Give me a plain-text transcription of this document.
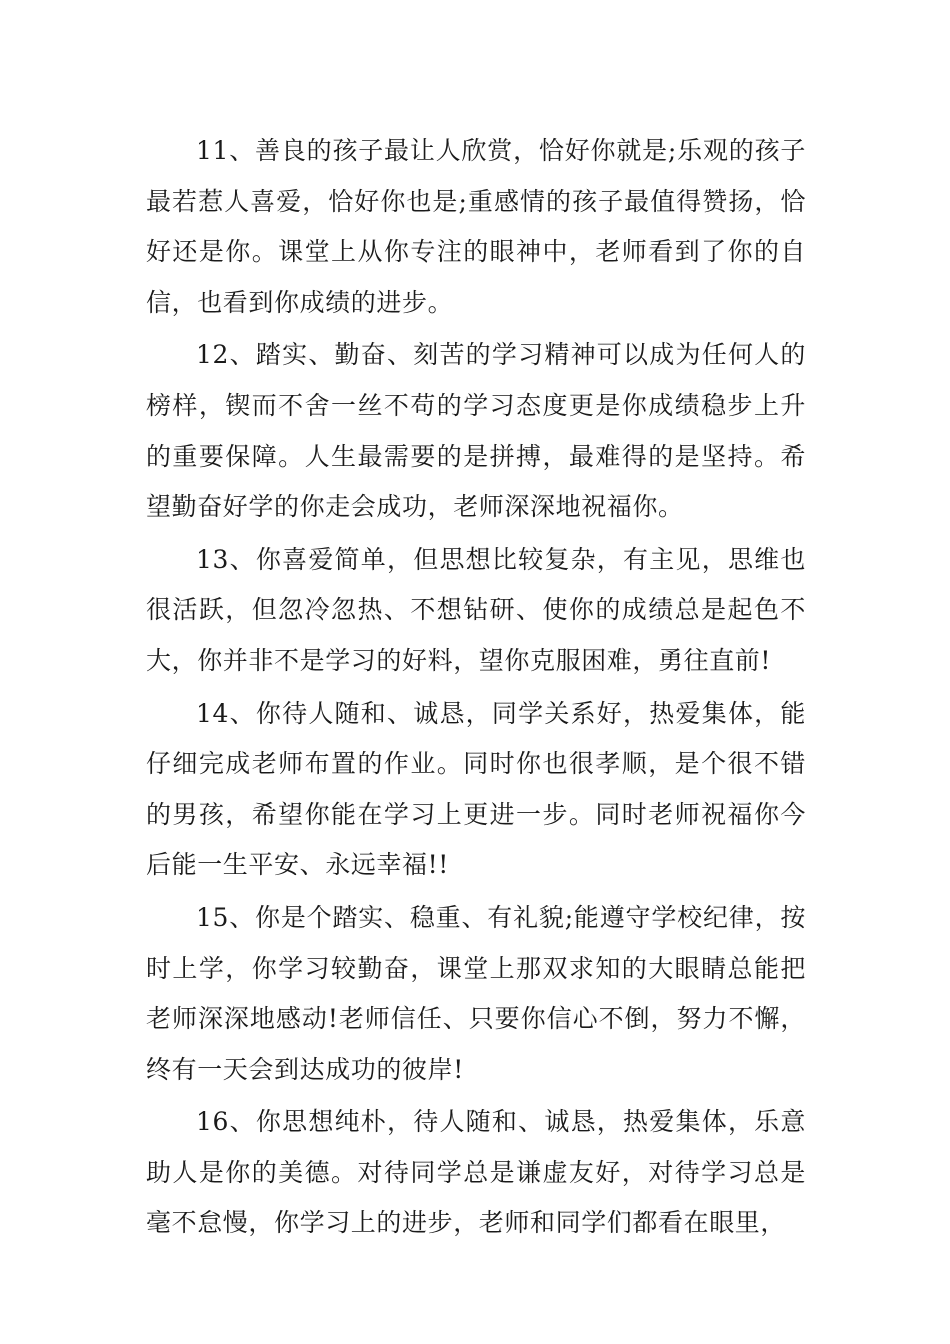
11、善良的孩子最让人欣赏，恰好你就是;乐观的孩子最若惹人喜爱，恰好你也是;重感情的孩子最值得赞扬，恰好还是你。课堂上从你专注的眼神中，老师看到了你的自信，也看到你成绩的进步。

12、踏实、勤奋、刻苦的学习精神可以成为任何人的榜样，锲而不舍一丝不苟的学习态度更是你成绩稳步上升的重要保障。人生最需要的是拼搏，最难得的是坚持。希望勤奋好学的你走会成功，老师深深地祝福你。

13、你喜爱简单，但思想比较复杂，有主见，思维也很活跃，但忽冷忽热、不想钻研、使你的成绩总是起色不大，你并非不是学习的好料，望你克服困难，勇往直前!

14、你待人随和、诚恳，同学关系好，热爱集体，能仔细完成老师布置的作业。同时你也很孝顺，是个很不错的男孩，希望你能在学习上更进一步。同时老师祝福你今后能一生平安、永远幸福!!

15、你是个踏实、稳重、有礼貌;能遵守学校纪律，按时上学，你学习较勤奋，课堂上那双求知的大眼睛总能把老师深深地感动!老师信任、只要你信心不倒，努力不懈，终有一天会到达成功的彼岸!

16、你思想纯朴，待人随和、诚恳，热爱集体，乐意助人是你的美德。对待同学总是谦虚友好，对待学习总是毫不怠慢，你学习上的进步，老师和同学们都看在眼里，
